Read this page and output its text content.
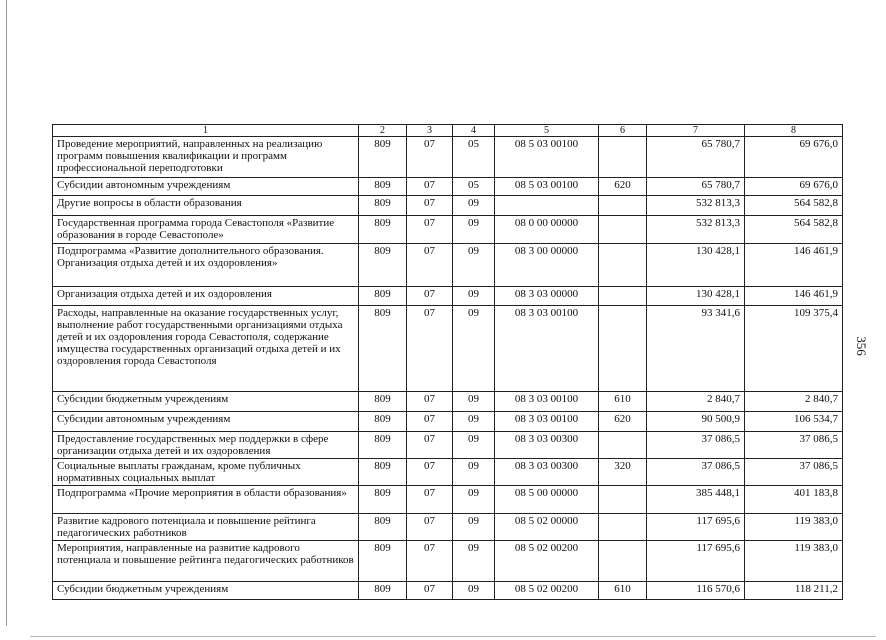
1	2	3	4	5	6	7	8
Проведение мероприятий, направленных на реализацию программ повышения квалификации и программ профессиональной переподготовки	809	07	05	08 5 03 00100		65 780,7	69 676,0
Субсидии автономным учреждениям	809	07	05	08 5 03 00100	620	65 780,7	69 676,0
Другие вопросы в области образования	809	07	09			532 813,3	564 582,8
Государственная программа города Севастополя «Развитие образования в городе Севастополе»	809	07	09	08 0 00 00000		532 813,3	564 582,8
Подпрограмма «Развитие дополнительного образования. Организация отдыха детей и их оздоровления»	809	07	09	08 3 00 00000		130 428,1	146 461,9
Организация отдыха детей и их оздоровления	809	07	09	08 3 03 00000		130 428,1	146 461,9
Расходы, направленные на оказание государственных услуг, выполнение работ государственными организациями отдыха детей и их оздоровления города Севастополя, содержание имущества государственных организаций отдыха детей и их оздоровления города Севастополя	809	07	09	08 3 03 00100		93 341,6	109 375,4
Субсидии бюджетным учреждениям	809	07	09	08 3 03 00100	610	2 840,7	2 840,7
Субсидии автономным учреждениям	809	07	09	08 3 03 00100	620	90 500,9	106 534,7
Предоставление государственных мер поддержки в сфере организации отдыха детей и их оздоровления	809	07	09	08 3 03 00300		37 086,5	37 086,5
Социальные выплаты гражданам, кроме публичных нормативных социальных выплат	809	07	09	08 3 03 00300	320	37 086,5	37 086,5
Подпрограмма «Прочие мероприятия в области образования»	809	07	09	08 5 00 00000		385 448,1	401 183,8
Развитие кадрового потенциала и повышение рейтинга педагогических работников	809	07	09	08 5 02 00000		117 695,6	119 383,0
Мероприятия, направленные на развитие кадрового потенциала и повышение рейтинга педагогических работников	809	07	09	08 5 02 00200		117 695,6	119 383,0
Субсидии бюджетным учреждениям	809	07	09	08 5 02 00200	610	116 570,6	118 211,2
356
